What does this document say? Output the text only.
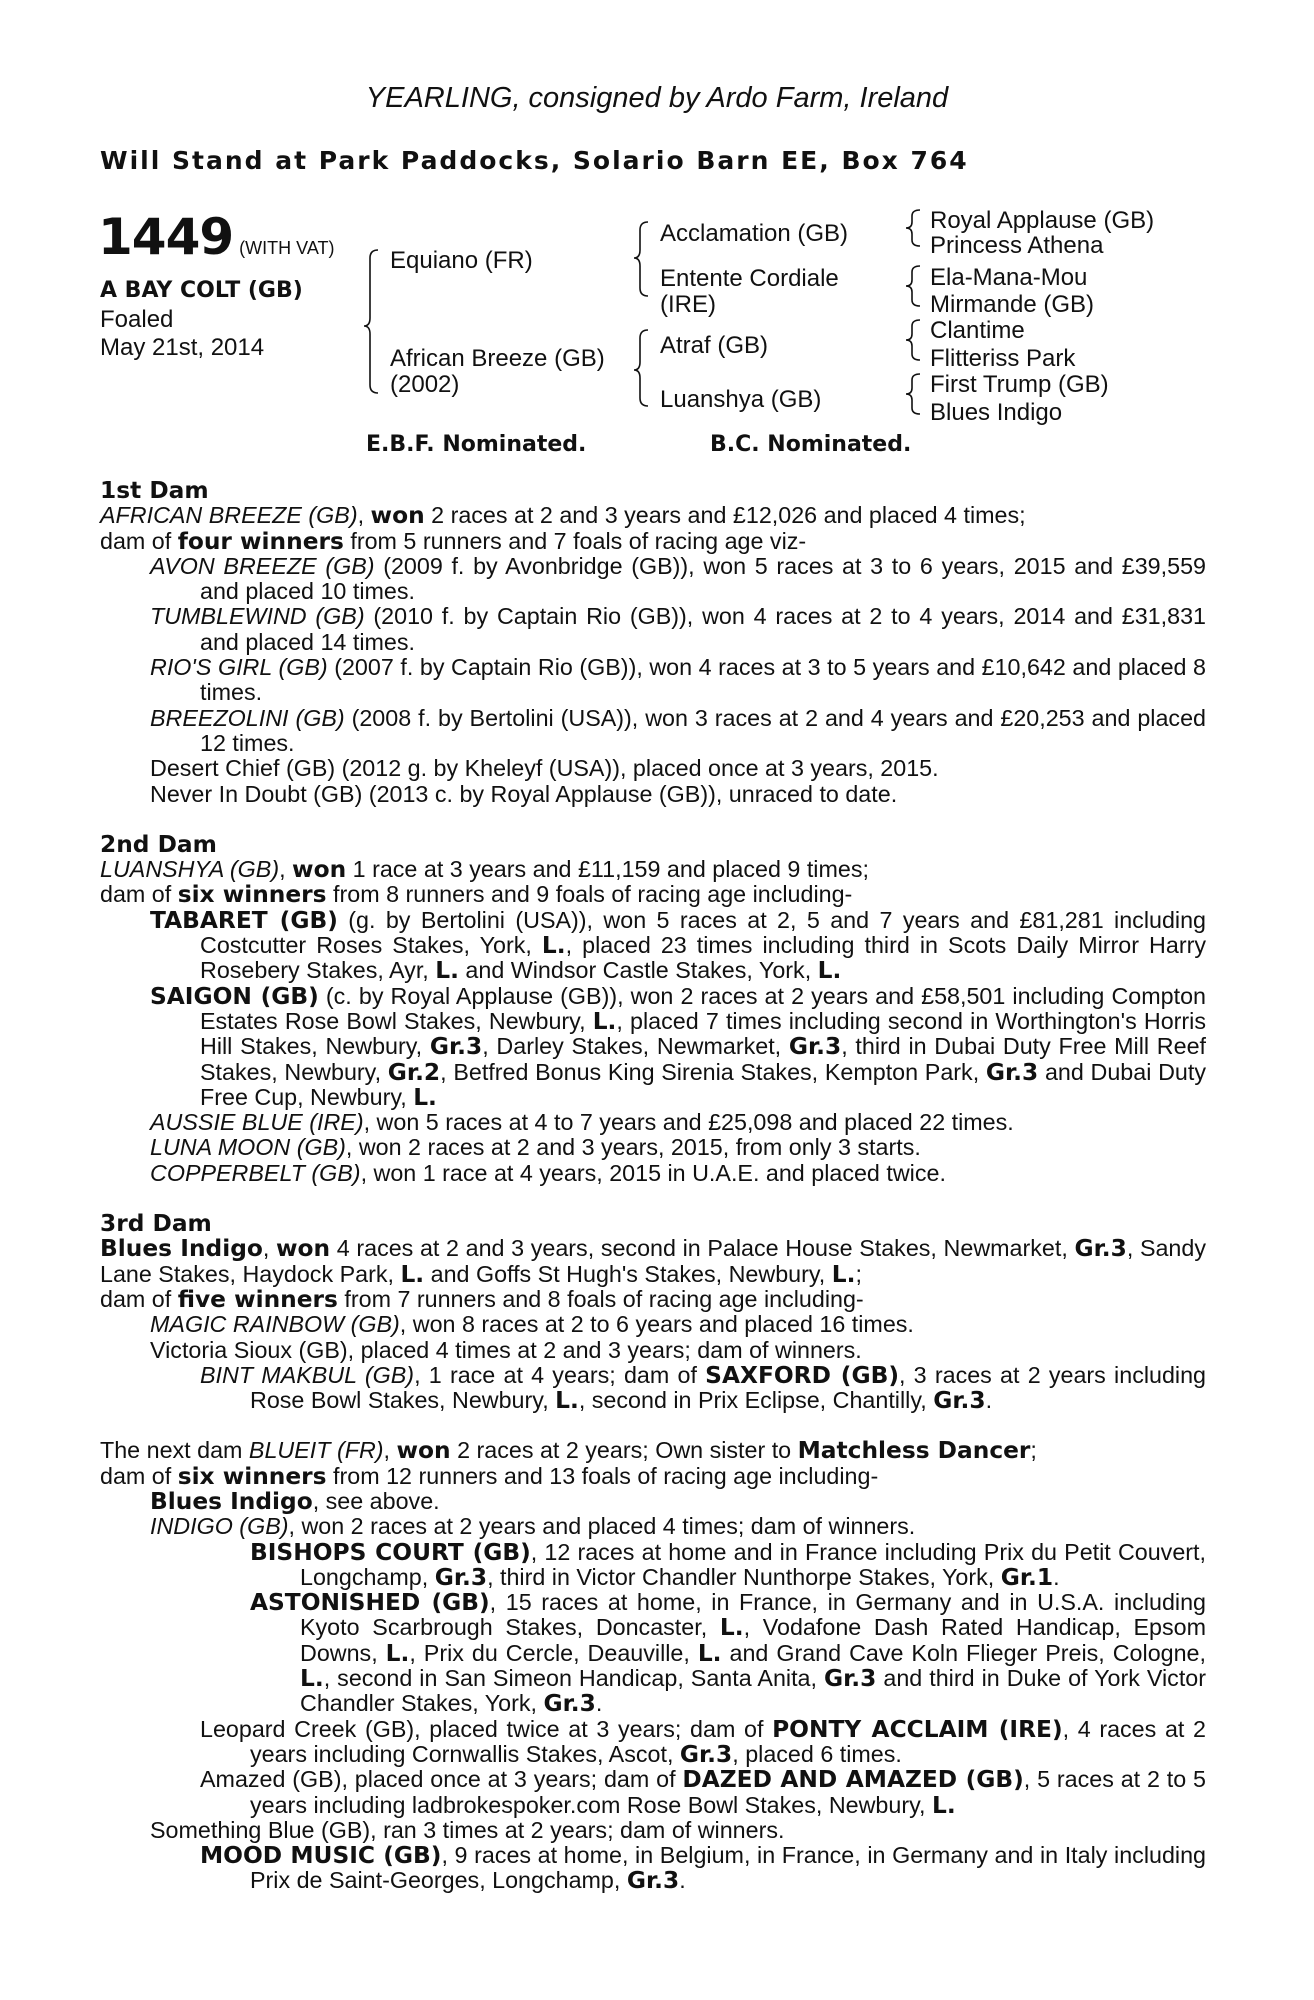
YEARLING, consigned by Ardo Farm, Ireland
Will Stand at Park Paddocks, Solario Barn EE, Box 764
1449 (WITH VAT)
A BAY COLT (GB)
Foaled
May 21st, 2014
Equiano (FR)
African Breeze (GB)
(2002)
Acclamation (GB)
Entente Cordiale
(IRE)
Atraf (GB)
Luanshya (GB)
Royal Applause (GB)
Princess Athena
Ela-Mana-Mou
Mirmande (GB)
Clantime
Flitteriss Park
First Trump (GB)
Blues Indigo
E.B.F. Nominated.	B.C. Nominated.

1st Dam

AFRICAN BREEZE (GB), won 2 races at 2 and 3 years and £12,026 and placed 4 times;

dam of four winners from 5 runners and 7 foals of racing age viz-

AVON BREEZE (GB) (2009 f. by Avonbridge (GB)), won 5 races at 3 to 6 years, 2015 and £39,559 and placed 10 times.

TUMBLEWIND (GB) (2010 f. by Captain Rio (GB)), won 4 races at 2 to 4 years, 2014 and £31,831 and placed 14 times.

RIO'S GIRL (GB) (2007 f. by Captain Rio (GB)), won 4 races at 3 to 5 years and £10,642 and placed 8 times.

BREEZOLINI (GB) (2008 f. by Bertolini (USA)), won 3 races at 2 and 4 years and £20,253 and placed 12 times.

Desert Chief (GB) (2012 g. by Kheleyf (USA)), placed once at 3 years, 2015.

Never In Doubt (GB) (2013 c. by Royal Applause (GB)), unraced to date.

2nd Dam

LUANSHYA (GB), won 1 race at 3 years and £11,159 and placed 9 times;

dam of six winners from 8 runners and 9 foals of racing age including-

TABARET (GB) (g. by Bertolini (USA)), won 5 races at 2, 5 and 7 years and £81,281 including Costcutter Roses Stakes, York, L., placed 23 times including third in Scots Daily Mirror Harry Rosebery Stakes, Ayr, L. and Windsor Castle Stakes, York, L.

SAIGON (GB) (c. by Royal Applause (GB)), won 2 races at 2 years and £58,501 including Compton Estates Rose Bowl Stakes, Newbury, L., placed 7 times including second in Worthington's Horris Hill Stakes, Newbury, Gr.3, Darley Stakes, Newmarket, Gr.3, third in Dubai Duty Free Mill Reef Stakes, Newbury, Gr.2, Betfred Bonus King Sirenia Stakes, Kempton Park, Gr.3 and Dubai Duty Free Cup, Newbury, L.

AUSSIE BLUE (IRE), won 5 races at 4 to 7 years and £25,098 and placed 22 times.

LUNA MOON (GB), won 2 races at 2 and 3 years, 2015, from only 3 starts.

COPPERBELT (GB), won 1 race at 4 years, 2015 in U.A.E. and placed twice.

3rd Dam

Blues Indigo, won 4 races at 2 and 3 years, second in Palace House Stakes, Newmarket, Gr.3, Sandy Lane Stakes, Haydock Park, L. and Goffs St Hugh's Stakes, Newbury, L.;

dam of five winners from 7 runners and 8 foals of racing age including-

MAGIC RAINBOW (GB), won 8 races at 2 to 6 years and placed 16 times.

Victoria Sioux (GB), placed 4 times at 2 and 3 years; dam of winners.

BINT MAKBUL (GB), 1 race at 4 years; dam of SAXFORD (GB), 3 races at 2 years including Rose Bowl Stakes, Newbury, L., second in Prix Eclipse, Chantilly, Gr.3.

The next dam BLUEIT (FR), won 2 races at 2 years; Own sister to Matchless Dancer;

dam of six winners from 12 runners and 13 foals of racing age including-

Blues Indigo, see above.

INDIGO (GB), won 2 races at 2 years and placed 4 times; dam of winners.

BISHOPS COURT (GB), 12 races at home and in France including Prix du Petit Couvert, Longchamp, Gr.3, third in Victor Chandler Nunthorpe Stakes, York, Gr.1.

ASTONISHED (GB), 15 races at home, in France, in Germany and in U.S.A. including Kyoto Scarbrough Stakes, Doncaster, L., Vodafone Dash Rated Handicap, Epsom Downs, L., Prix du Cercle, Deauville, L. and Grand Cave Koln Flieger Preis, Cologne, L., second in San Simeon Handicap, Santa Anita, Gr.3 and third in Duke of York Victor Chandler Stakes, York, Gr.3.

Leopard Creek (GB), placed twice at 3 years; dam of PONTY ACCLAIM (IRE), 4 races at 2 years including Cornwallis Stakes, Ascot, Gr.3, placed 6 times.

Amazed (GB), placed once at 3 years; dam of DAZED AND AMAZED (GB), 5 races at 2 to 5 years including ladbrokespoker.com Rose Bowl Stakes, Newbury, L.

Something Blue (GB), ran 3 times at 2 years; dam of winners.

MOOD MUSIC (GB), 9 races at home, in Belgium, in France, in Germany and in Italy including Prix de Saint-Georges, Longchamp, Gr.3.
